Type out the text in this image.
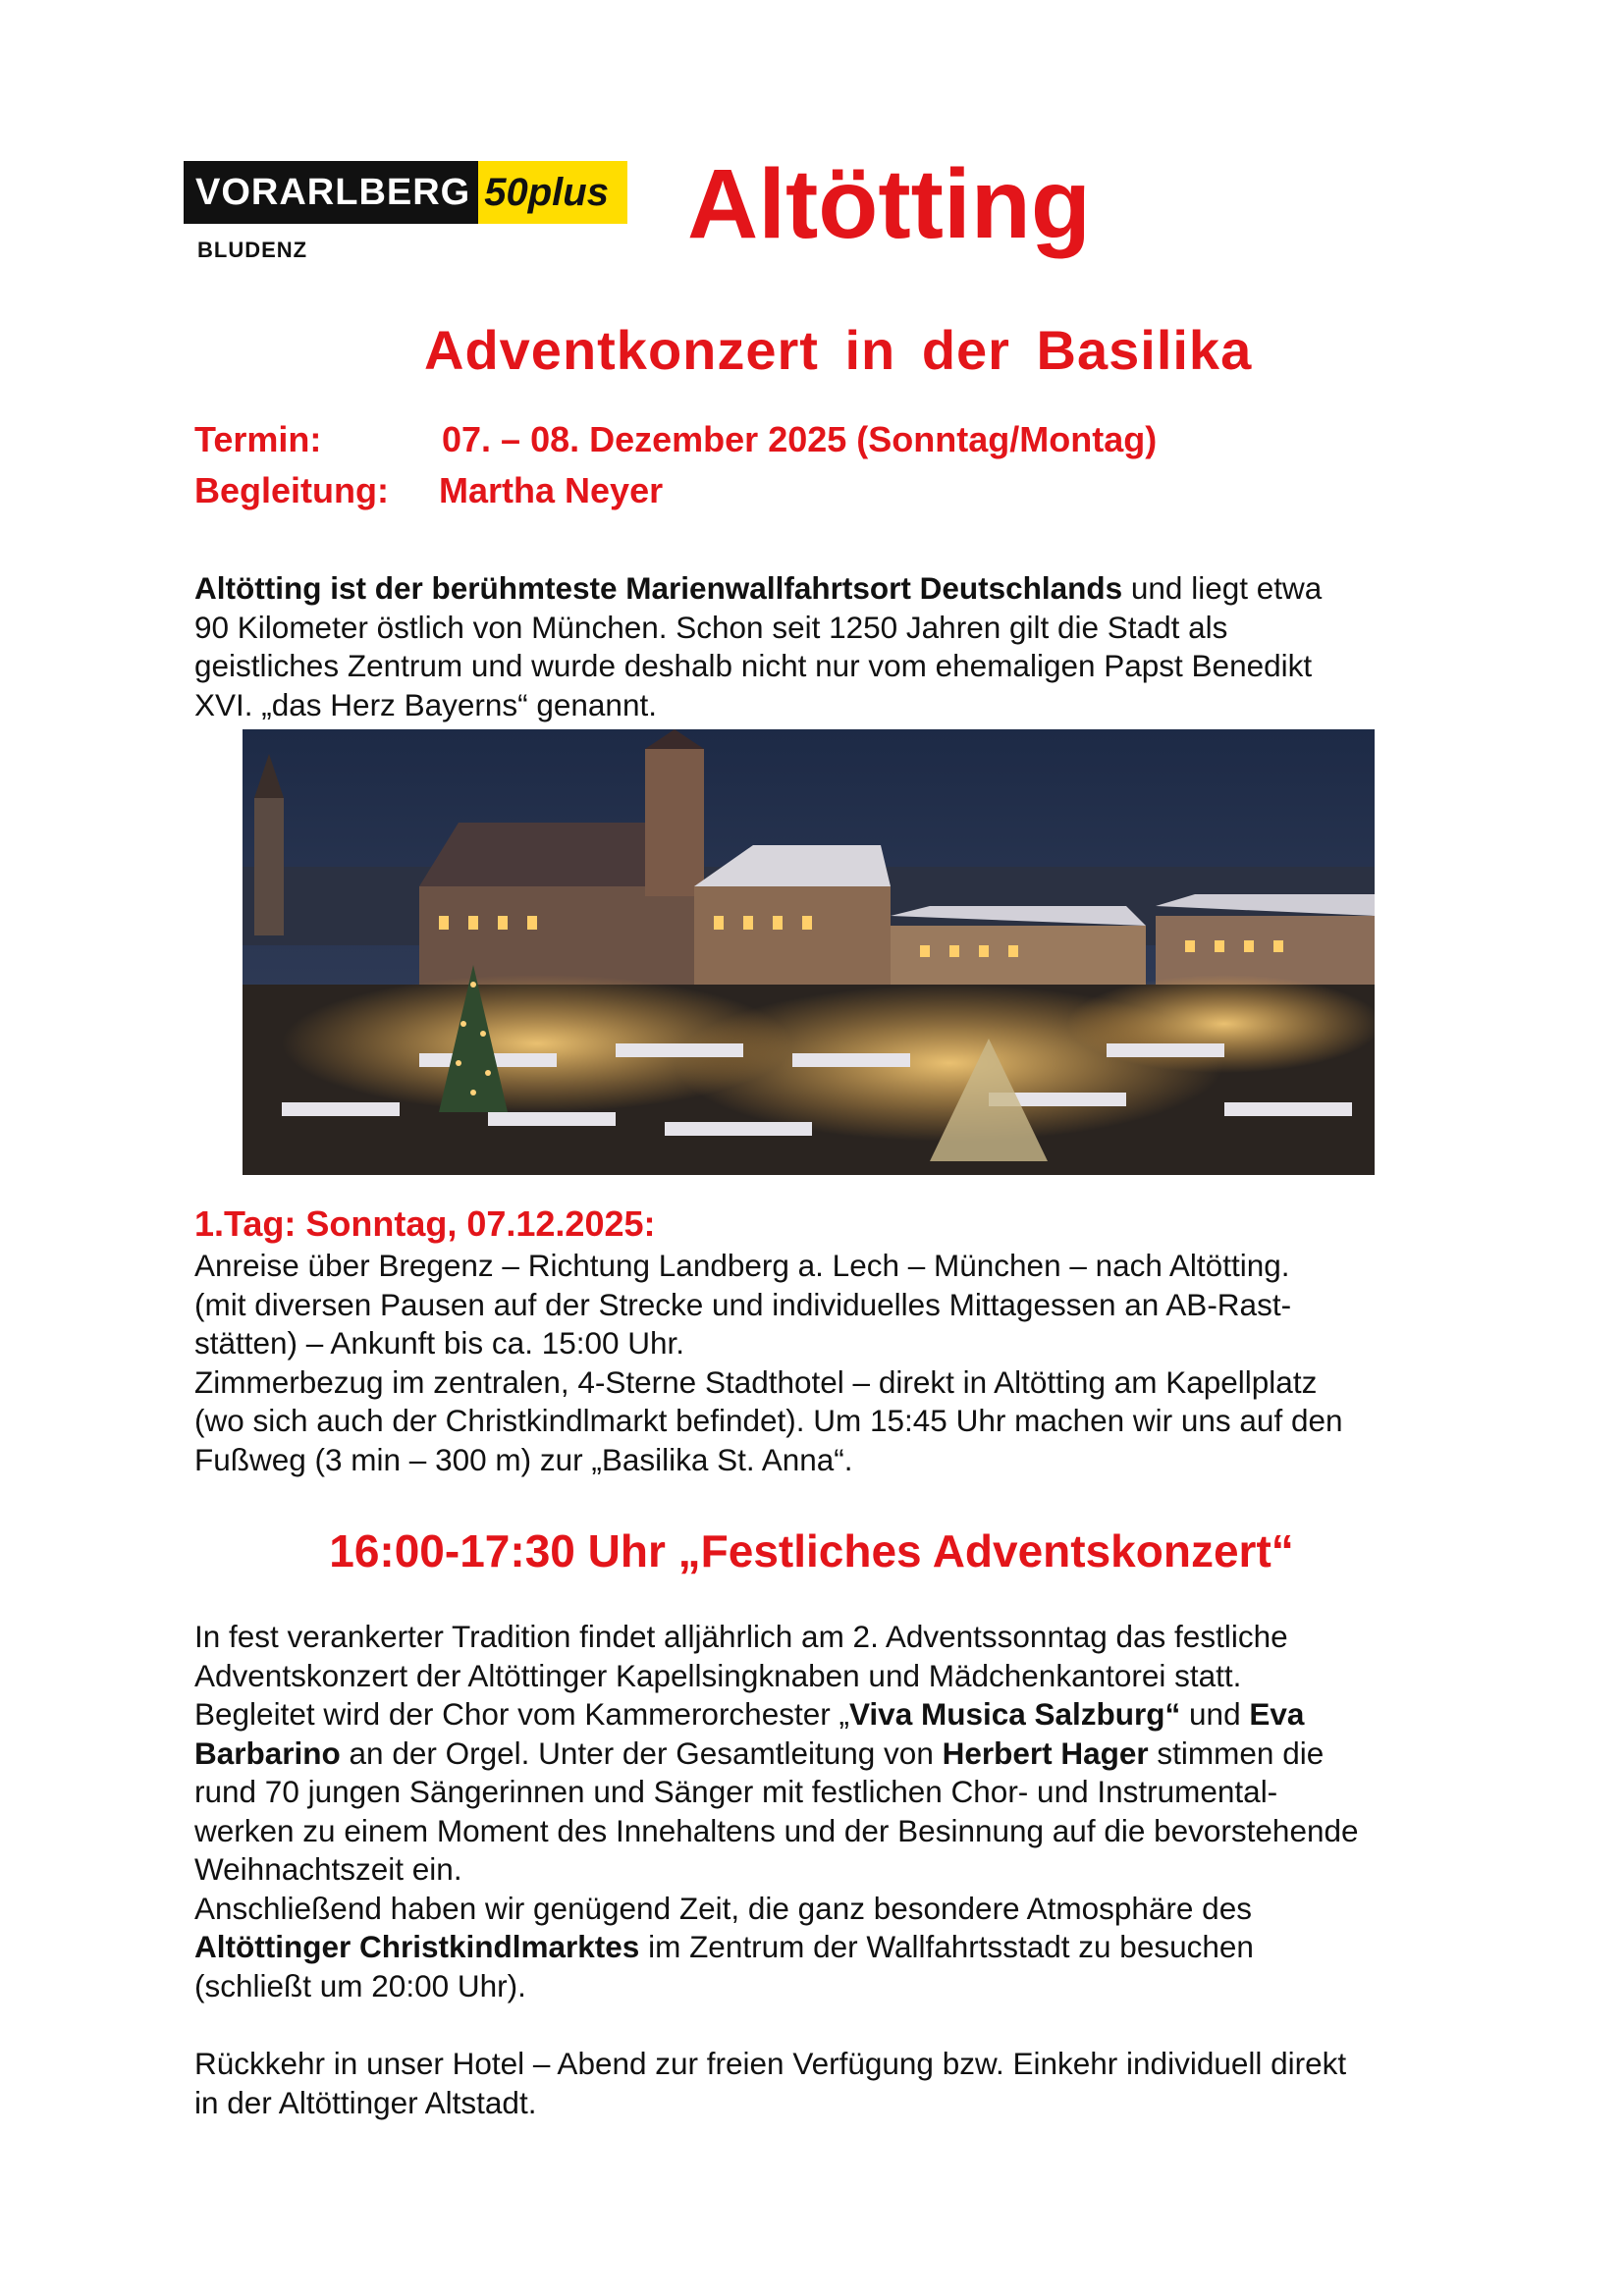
VORARLBERG 50plus
BLUDENZ	Altötting
Adventkonzert in der Basilika
Termin:	07. – 08. Dezember 2025 (Sonntag/Montag)
Begleitung: Martha Neyer

Altötting ist der berühmteste Marienwallfahrtsort Deutschlands und liegt etwa
90 Kilometer östlich von München. Schon seit 1250 Jahren gilt die Stadt als
geistliches Zentrum und wurde deshalb nicht nur vom ehemaligen Papst Benedikt
XVI. „das Herz Bayerns“ genannt.

1.Tag: Sonntag, 07.12.2025:

Anreise über Bregenz – Richtung Landberg a. Lech – München – nach Altötting.
(mit diversen Pausen auf der Strecke und individuelles Mittagessen an AB-Rast-
stätten) – Ankunft bis ca. 15:00 Uhr.
Zimmerbezug im zentralen, 4-Sterne Stadthotel – direkt in Altötting am Kapellplatz
(wo sich auch der Christkindlmarkt befindet). Um 15:45 Uhr machen wir uns auf den
Fußweg (3 min – 300 m) zur „Basilika St. Anna“.

16:00-17:30 Uhr „Festliches Adventskonzert“

In fest verankerter Tradition findet alljährlich am 2. Adventssonntag das festliche
Adventskonzert der Altöttinger Kapellsingknaben und Mädchenkantorei statt.
Begleitet wird der Chor vom Kammerorchester „Viva Musica Salzburg“ und Eva
Barbarino an der Orgel. Unter der Gesamtleitung von Herbert Hager stimmen die
rund 70 jungen Sängerinnen und Sänger mit festlichen Chor- und Instrumental-
werken zu einem Moment des Innehaltens und der Besinnung auf die bevorstehende
Weihnachtszeit ein.
Anschließend haben wir genügend Zeit, die ganz besondere Atmosphäre des
Altöttinger Christkindlmarktes im Zentrum der Wallfahrtsstadt zu besuchen
(schließt um 20:00 Uhr).

Rückkehr in unser Hotel – Abend zur freien Verfügung bzw. Einkehr individuell direkt
in der Altöttinger Altstadt.
